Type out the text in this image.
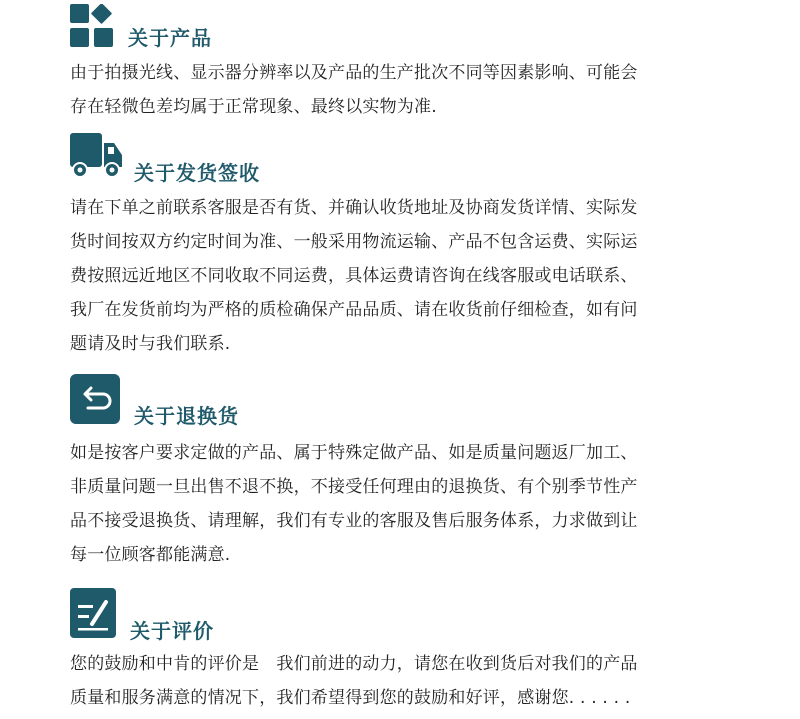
关于产品
由于拍摄光线、显示器分辨率以及产品的生产批次不同等因素影响、可能会
存在轻微色差均属于正常现象、最终以实物为准.
关于发货签收
请在下单之前联系客服是否有货、并确认收货地址及协商发货详情、实际发
货时间按双方约定时间为准、一般采用物流运输、产品不包含运费、实际运
费按照远近地区不同收取不同运费，具体运费请咨询在线客服或电话联系、
我厂在发货前均为严格的质检确保产品品质、请在收货前仔细检查，如有问
题请及时与我们联系.
关于退换货
如是按客户要求定做的产品、属于特殊定做产品、如是质量问题返厂加工、
非质量问题一旦出售不退不换，不接受任何理由的退换货、有个别季节性产
品不接受退换货、请理解，我们有专业的客服及售后服务体系，力求做到让
每一位顾客都能满意.
关于评价
您的鼓励和中肯的评价是　我们前进的动力，请您在收到货后对我们的产品
质量和服务满意的情况下，我们希望得到您的鼓励和好评，感谢您. . . . . .
